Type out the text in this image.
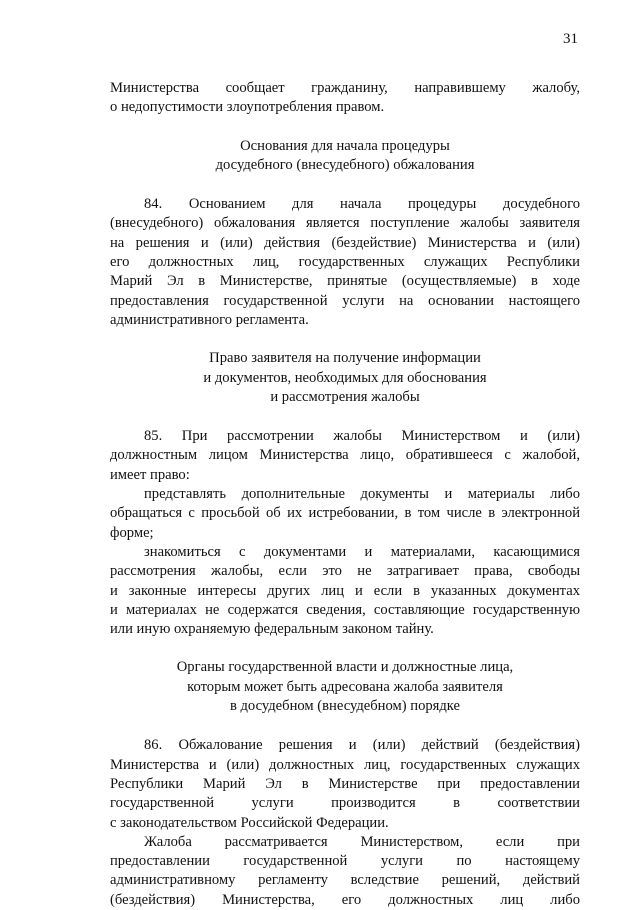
31
Министерства сообщает гражданину, направившему жалобу,
о недопустимости злоупотребления правом.
Основания для начала процедуры
досудебного (внесудебного) обжалования
84. Основанием для начала процедуры досудебного
(внесудебного) обжалования является поступление жалобы заявителя
на решения и (или) действия (бездействие) Министерства и (или)
его должностных лиц, государственных служащих Республики
Марий Эл в Министерстве, принятые (осуществляемые) в ходе
предоставления государственной услуги на основании настоящего
административного регламента.
Право заявителя на получение информации
и документов, необходимых для обоснования
и рассмотрения жалобы
85. При рассмотрении жалобы Министерством и (или)
должностным лицом Министерства лицо, обратившееся с жалобой,
имеет право:
представлять дополнительные документы и материалы либо
обращаться с просьбой об их истребовании, в том числе в электронной
форме;
знакомиться с документами и материалами, касающимися
рассмотрения жалобы, если это не затрагивает права, свободы
и законные интересы других лиц и если в указанных документах
и материалах не содержатся сведения, составляющие государственную
или иную охраняемую федеральным законом тайну.
Органы государственной власти и должностные лица,
которым может быть адресована жалоба заявителя
в досудебном (внесудебном) порядке
86. Обжалование решения и (или) действий (бездействия)
Министерства и (или) должностных лиц, государственных служащих
Республики Марий Эл в Министерстве при предоставлении
государственной услуги производится в соответствии
с законодательством Российской Федерации.
Жалоба рассматривается Министерством, если при
предоставлении государственной услуги по настоящему
административному регламенту вследствие решений, действий
(бездействия) Министерства, его должностных лиц либо
